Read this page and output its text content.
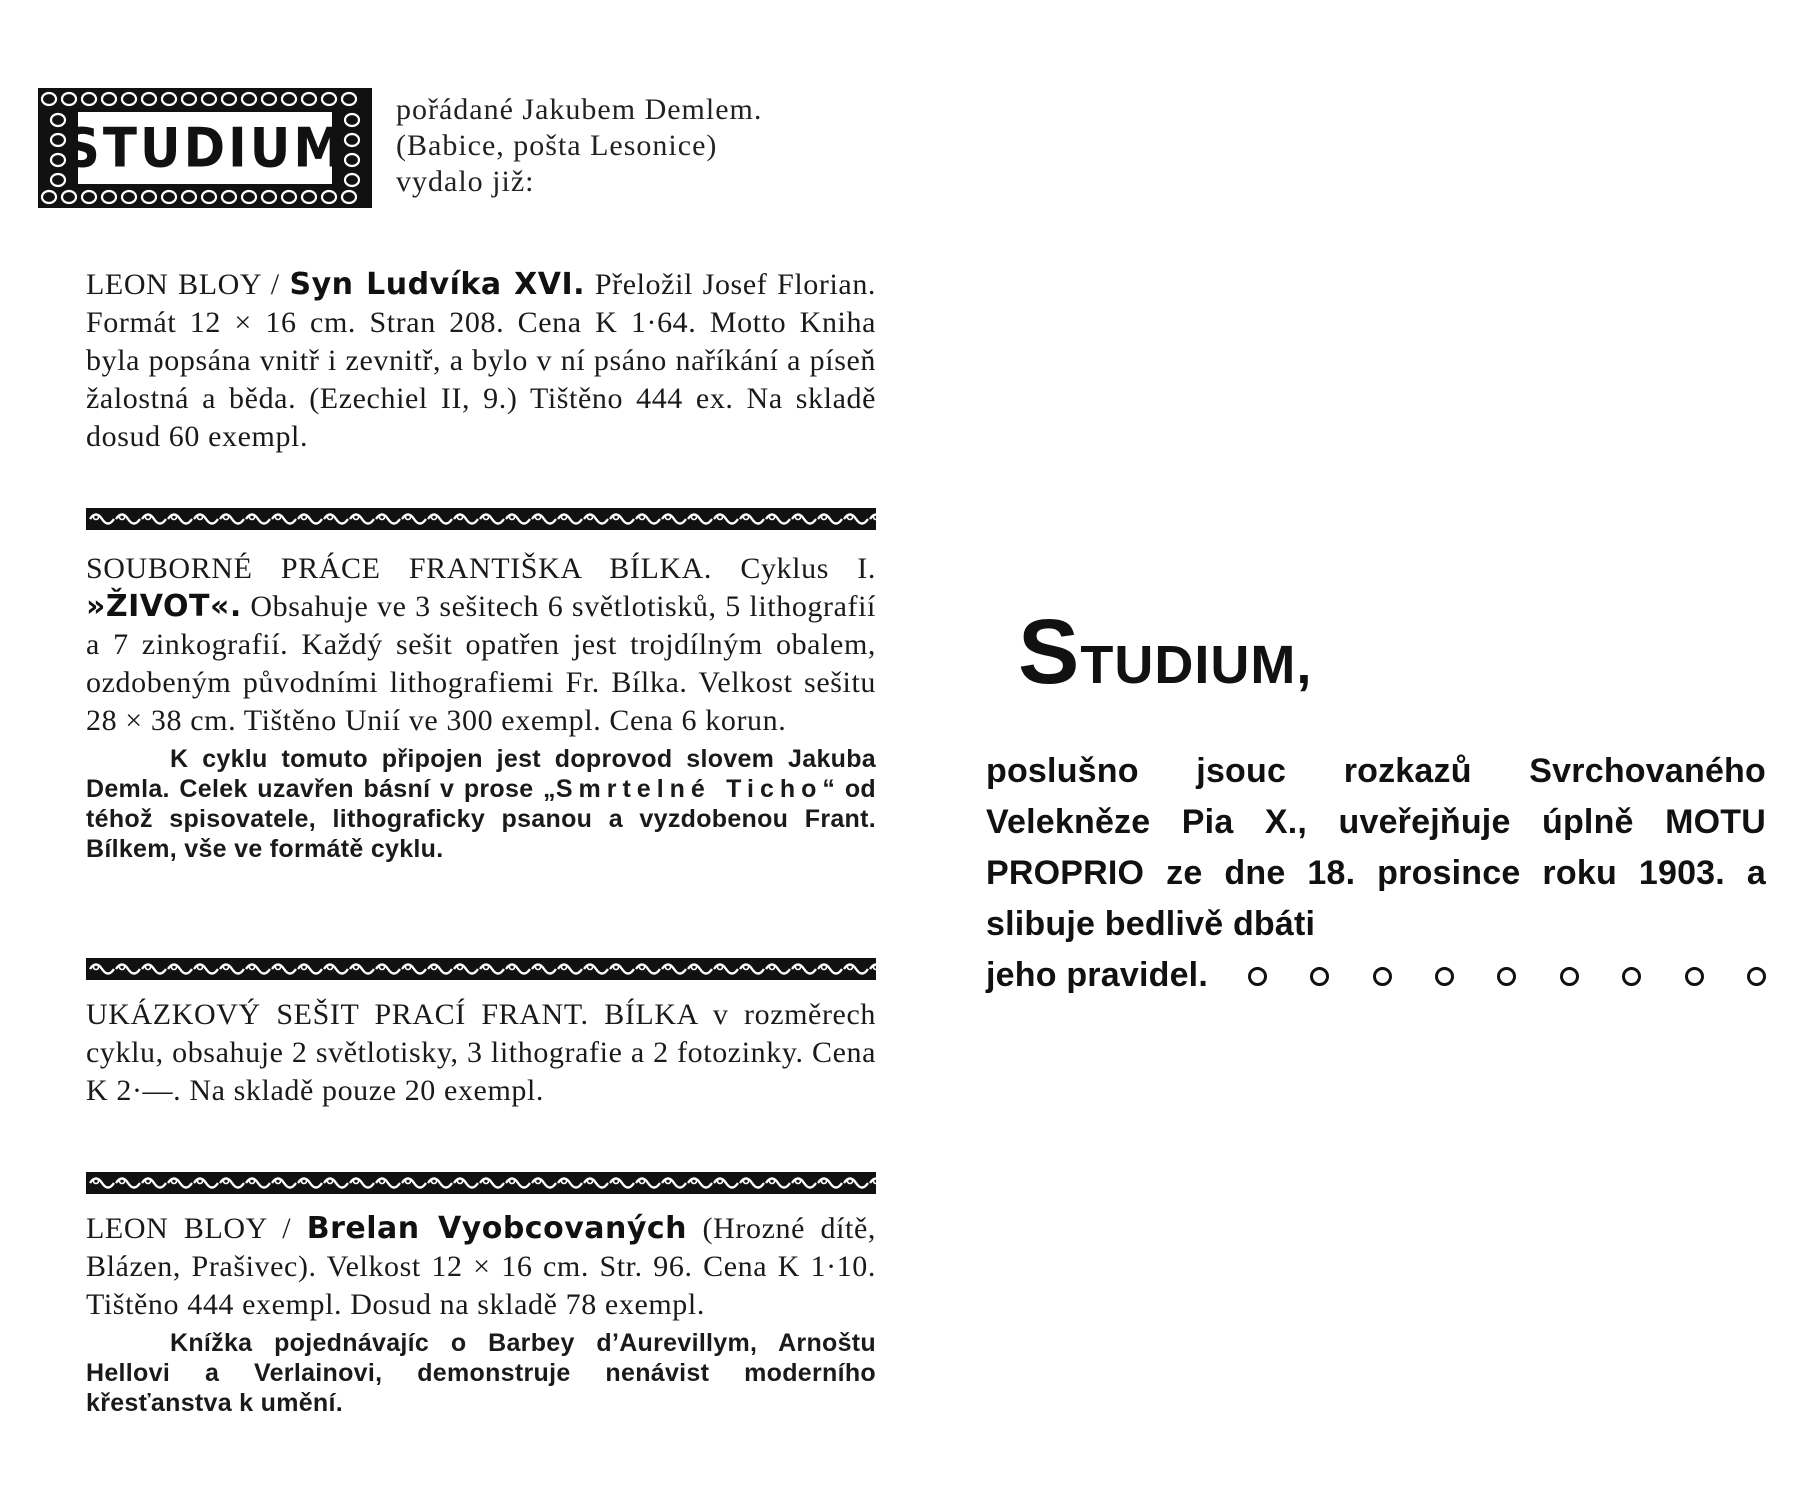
STUDIUM
pořádané Jakubem Demlem.
(Babice, pošta Lesonice)
vydalo již:
LEON BLOY / Syn Ludvíka XVI. Přeložil Josef Florian. Formát 12 × 16 cm. Stran 208. Cena K 1·64. Motto Kniha byla popsána vnitř i zevnitř, a bylo v ní psáno naříkání a píseň žalostná a běda. (Ezechiel II, 9.) Tištěno 444 ex. Na skladě dosud 60 exempl.
SOUBORNÉ PRÁCE FRANTIŠKA BÍLKA. Cyklus I. »ŽIVOT«. Obsahuje ve 3 sešitech 6 světlotisků, 5 lithografií a 7 zinkografií. Každý sešit opatřen jest trojdílným obalem, ozdobeným původními lithografiemi Fr. Bílka. Velkost sešitu 28 × 38 cm. Tištěno Unií ve 300 exempl. Cena 6 korun.
K cyklu tomuto připojen jest doprovod slovem Jakuba Demla. Celek uzavřen básní v prose „Smrtelné Ticho“ od téhož spisovatele, lithograficky psanou a vyzdobenou Frant. Bílkem, vše ve formátě cyklu.
UKÁZKOVÝ SEŠIT PRACÍ FRANT. BÍLKA v rozměrech cyklu, obsahuje 2 světlotisky, 3 lithografie a 2 fotozinky. Cena K 2·—. Na skladě pouze 20 exempl.
LEON BLOY / Brelan Vyobcovaných (Hrozné dítě, Blázen, Prašivec). Velkost 12 × 16 cm. Str. 96. Cena K 1·10. Tištěno 444 exempl. Dosud na skladě 78 exempl.
Knížka pojednávajíc o Barbey d’Aurevillym, Arnoštu Hellovi a Verlainovi, demonstruje nenávist moderního křesťanstva k umění.
STUDIUM,
poslušno jsouc rozkazů Svrchovaného Velekněze Pia X., uveřejňuje úplně MOTU PROPRIO ze dne 18. prosince roku 1903. a slibuje bedlivě dbáti
jeho pravidel.
